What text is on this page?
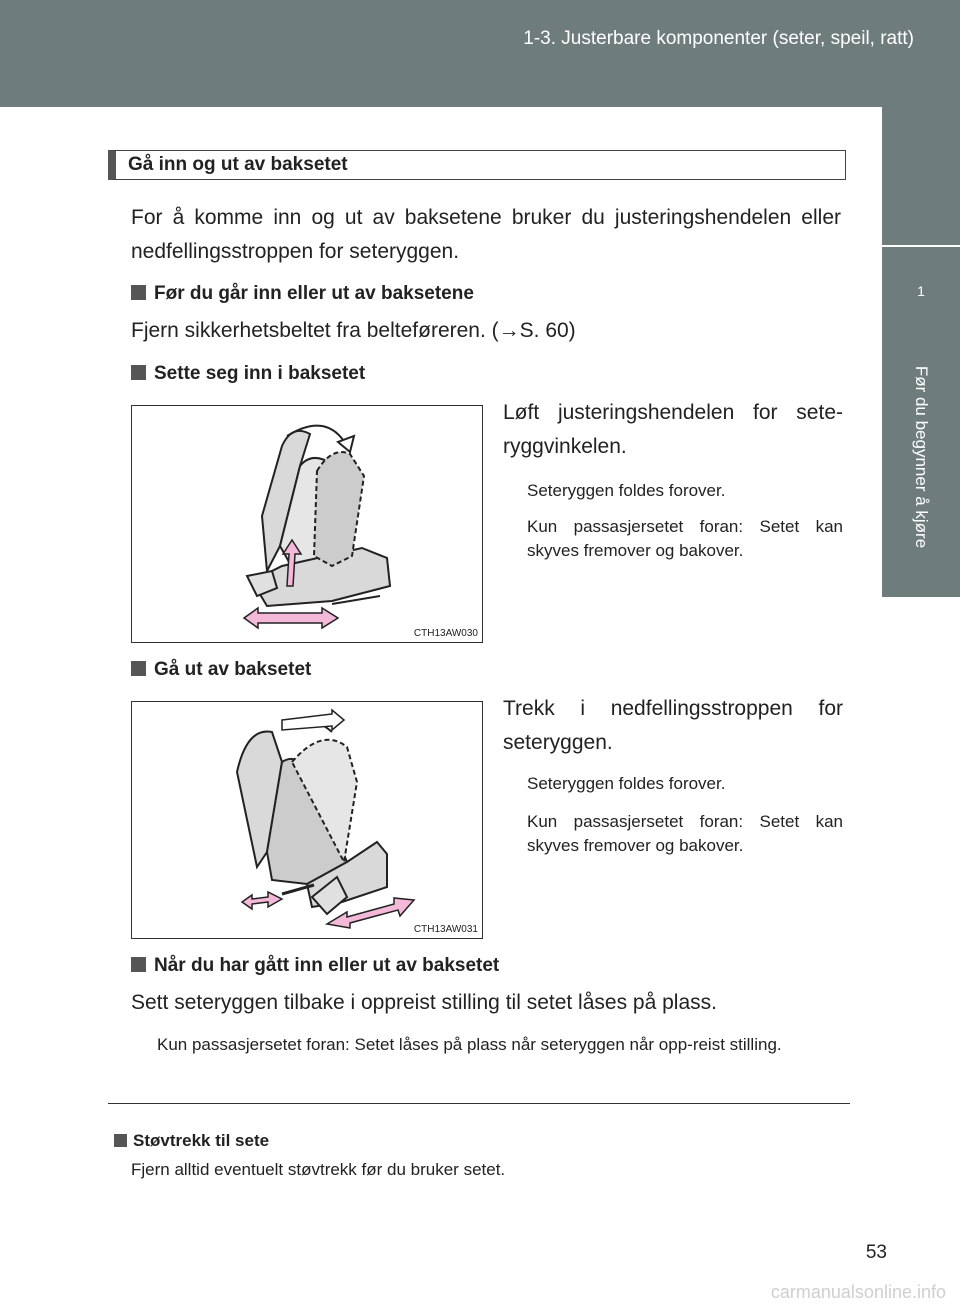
1-3. Justerbare komponenter (seter, speil, ratt)
1
Før du begynner å kjøre
Gå inn og ut av baksetet
For å komme inn og ut av baksetene bruker du justeringshendelen eller nedfellingsstroppen for seteryggen.
Før du går inn eller ut av baksetene
Fjern sikkerhetsbeltet fra belteføreren. (→S. 60)
Sette seg inn i baksetet
CTH13AW030
Løft justeringshendelen for sete-ryggvinkelen.
Seteryggen foldes forover.
Kun passasjersetet foran: Setet kan skyves fremover og bakover.
Gå ut av baksetet
CTH13AW031
Trekk i nedfellingsstroppen for seteryggen.
Seteryggen foldes forover.
Kun passasjersetet foran: Setet kan skyves fremover og bakover.
Når du har gått inn eller ut av baksetet
Sett seteryggen tilbake i oppreist stilling til setet låses på plass.
Kun passasjersetet foran: Setet låses på plass når seteryggen når opp-reist stilling.
Støvtrekk til sete
Fjern alltid eventuelt støvtrekk før du bruker setet.
53
carmanualsonline.info
